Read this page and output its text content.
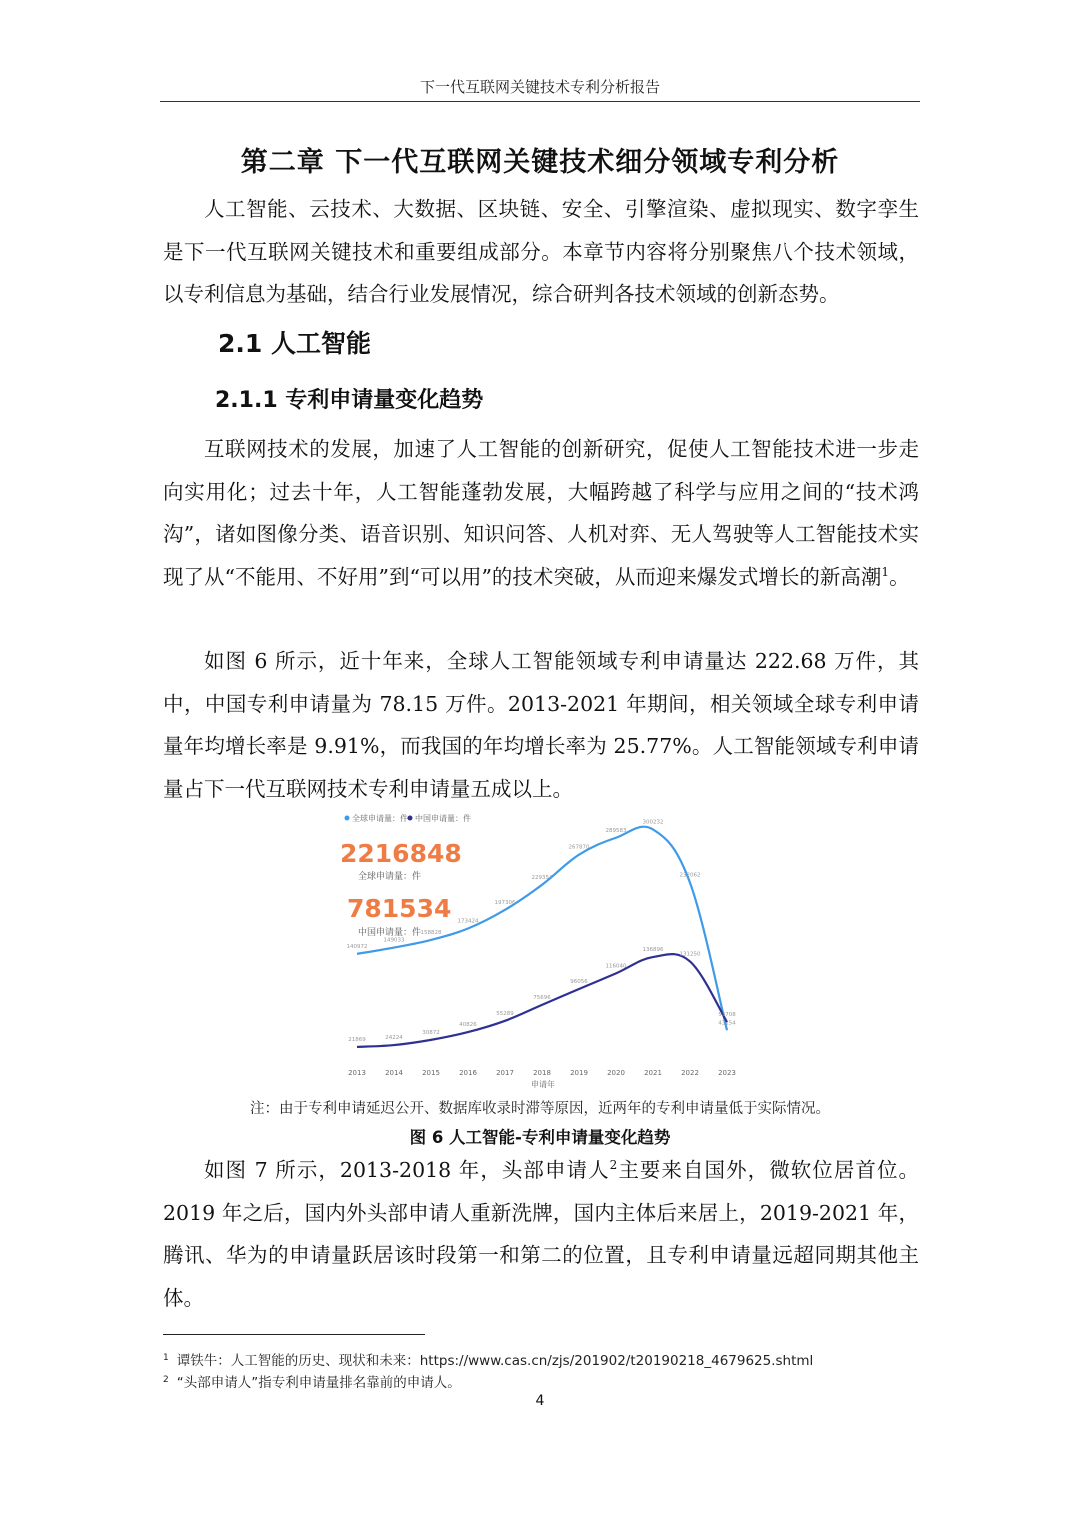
下一代互联网关键技术专利分析报告
第二章 下一代互联网关键技术细分领域专利分析

人工智能、云技术、大数据、区块链、安全、引擎渲染、虚拟现实、数字孪生是下一代互联网关键技术和重要组成部分。本章节内容将分别聚焦八个技术领域，以专利信息为基础，结合行业发展情况，综合研判各技术领域的创新态势。

2.1 人工智能
2.1.1 专利申请量变化趋势

互联网技术的发展，加速了人工智能的创新研究，促使人工智能技术进一步走向实用化；过去十年，人工智能蓬勃发展，大幅跨越了科学与应用之间的“技术鸿沟”，诸如图像分类、语音识别、知识问答、人机对弈、无人驾驶等人工智能技术实现了从“不能用、不好用”到“可以用”的技术突破，从而迎来爆发式增长的新高潮$^1$。

如图 6 所示，近十年来，全球人工智能领域专利申请量达 222.68 万件，其中，中国专利申请量为 78.15 万件。2013-2021 年期间，相关领域全球专利申请量年均增长率是 9.91%，而我国的年均增长率为 25.77%。人工智能领域专利申请量占下一代互联网技术专利申请量五成以上。

全球申请量：件 中国申请量：件
2216848
全球申请量：件
781534
中国申请量：件
140972
149033
158828
173424
197306
229354
267870
289583
300232
232062
43154
21869	24224
30872
40826
55289
75696
96056
116040
136896
131250
53708
2013	2014	2015	2016	2017	2018	2019	2020	2021	2022	2023
申请年
注：由于专利申请延迟公开、数据库收录时滞等原因，近两年的专利申请量低于实际情况。
图 6 人工智能-专利申请量变化趋势

如图 7 所示，2013-2018 年，头部申请人$^2$主要来自国外，微软位居首位。2019 年之后，国内外头部申请人重新洗牌，国内主体后来居上，2019-2021 年，腾讯、华为的申请量跃居该时段第一和第二的位置，且专利申请量远超同期其他主体。

$^1$ 谭铁牛：人工智能的历史、现状和未来：https://www.cas.cn/zjs/201902/t20190218_4679625.shtml
$^2$ “头部申请人”指专利申请量排名靠前的申请人。
4
